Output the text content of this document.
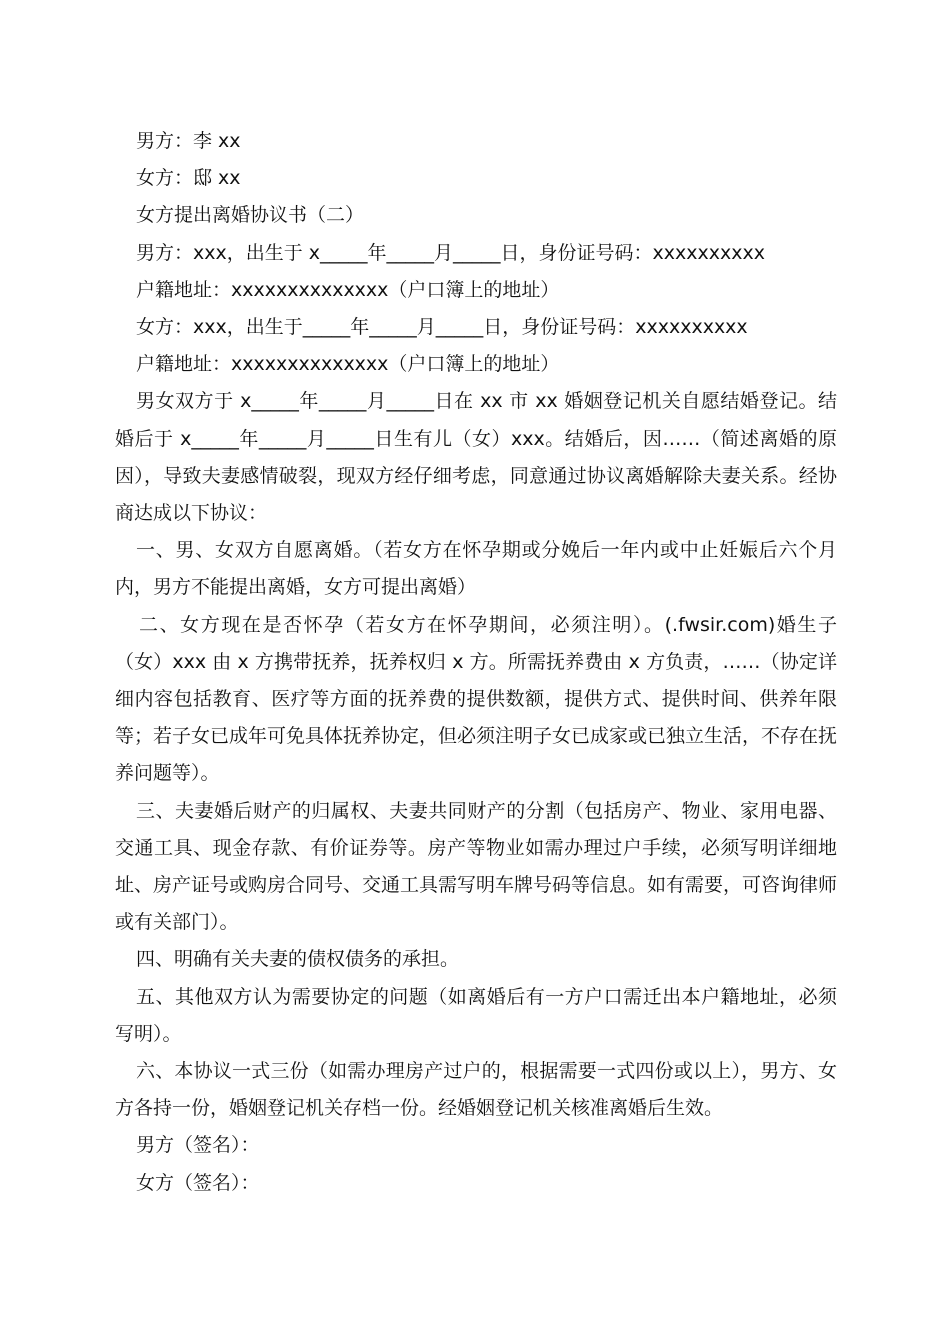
男方：李 xx

女方：邸 xx

女方提出离婚协议书（二）

男方：xxx，出生于 x_____年_____月_____日，身份证号码：xxxxxxxxxx

户籍地址：xxxxxxxxxxxxxx（户口簿上的地址）

女方：xxx，出生于_____年_____月_____日，身份证号码：xxxxxxxxxx

户籍地址：xxxxxxxxxxxxxx（户口簿上的地址）

男女双方于 x_____年_____月_____日在 xx 市 xx 婚姻登记机关自愿结婚登记。结婚后于 x_____年_____月_____日生有儿（女）xxx。结婚后，因……（简述离婚的原因），导致夫妻感情破裂，现双方经仔细考虑，同意通过协议离婚解除夫妻关系。经协商达成以下协议：

一、男、女双方自愿离婚。（若女方在怀孕期或分娩后一年内或中止妊娠后六个月内，男方不能提出离婚，女方可提出离婚）

二、女方现在是否怀孕（若女方在怀孕期间，必须注明）。(.fwsir.com)婚生子（女）xxx 由 x 方携带抚养，抚养权归 x 方。所需抚养费由 x 方负责，……（协定详细内容包括教育、医疗等方面的抚养费的提供数额，提供方式、提供时间、供养年限等；若子女已成年可免具体抚养协定，但必须注明子女已成家或已独立生活，不存在抚养问题等）。

三、夫妻婚后财产的归属权、夫妻共同财产的分割（包括房产、物业、家用电器、交通工具、现金存款、有价证券等。房产等物业如需办理过户手续，必须写明详细地址、房产证号或购房合同号、交通工具需写明车牌号码等信息。如有需要，可咨询律师或有关部门）。

四、明确有关夫妻的债权债务的承担。

五、其他双方认为需要协定的问题（如离婚后有一方户口需迁出本户籍地址，必须写明）。

六、本协议一式三份（如需办理房产过户的，根据需要一式四份或以上），男方、女方各持一份，婚姻登记机关存档一份。经婚姻登记机关核准离婚后生效。

男方（签名）：

女方（签名）：
